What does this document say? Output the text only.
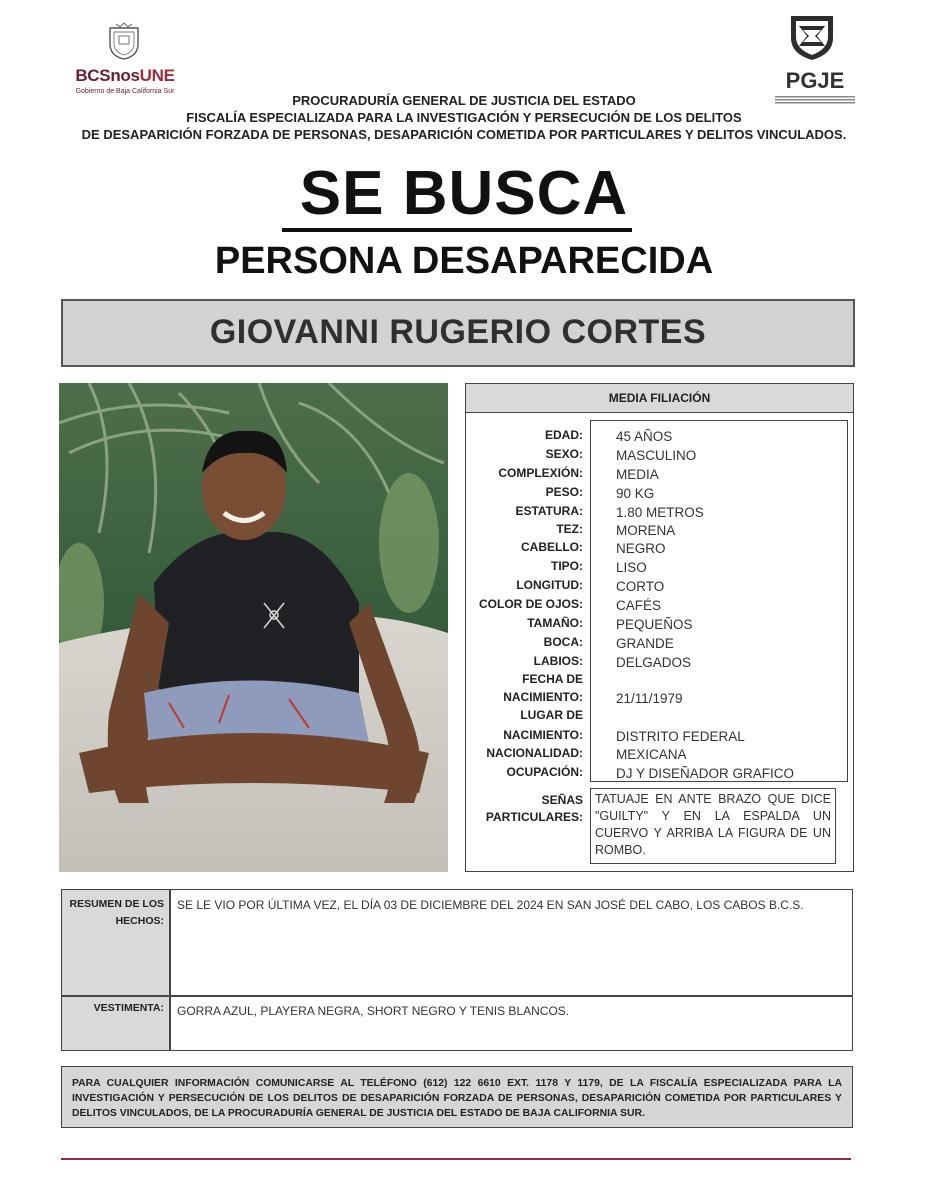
BCSnosUNE
Gobierno de Baja California Sur	PGJE
PROCURADURÍA GENERAL DE JUSTICIA DEL ESTADO
FISCALÍA ESPECIALIZADA PARA LA INVESTIGACIÓN Y PERSECUCIÓN DE LOS DELITOS
DE DESAPARICIÓN FORZADA DE PERSONAS, DESAPARICIÓN COMETIDA POR PARTICULARES Y DELITOS VINCULADOS.
SE BUSCA
PERSONA DESAPARECIDA
GIOVANNI RUGERIO CORTES
MEDIA FILIACIÓN
TATUAJE EN ANTE BRAZO QUE DICE "GUILTY" Y EN LA ESPALDA UN CUERVO Y ARRIBA LA FIGURA DE UN ROMBO.
EDAD: 45 AÑOS
SEXO: MASCULINO
COMPLEXIÓN: MEDIA
PESO: 90 KG
ESTATURA: 1.80 METROS
TEZ: MORENA
CABELLO: NEGRO
TIPO: LISO
LONGITUD: CORTO
COLOR DE OJOS: CAFÉS
TAMAÑO: PEQUEÑOS
BOCA: GRANDE
LABIOS: DELGADOS
FECHA DE
NACIMIENTO: 21/11/1979
LUGAR DE
NACIMIENTO: DISTRITO FEDERAL
NACIONALIDAD: MEXICANA
OCUPACIÓN: DJ Y DISEÑADOR GRAFICO
SEÑAS
PARTICULARES:
RESUMEN DE LOS
HECHOS:
SE LE VIO POR ÚLTIMA VEZ, EL DÍA 03 DE DICIEMBRE DEL 2024 EN SAN JOSÉ DEL CABO, LOS CABOS B.C.S.
VESTIMENTA: GORRA AZUL, PLAYERA NEGRA, SHORT NEGRO Y TENIS BLANCOS.
PARA CUALQUIER INFORMACIÓN COMUNICARSE AL TELÉFONO (612) 122 6610 EXT. 1178 Y 1179, DE LA FISCALÍA ESPECIALIZADA PARA LA INVESTIGACIÓN Y PERSECUCIÓN DE LOS DELITOS DE DESAPARICIÓN FORZADA DE PERSONAS, DESAPARICIÓN COMETIDA POR PARTICULARES Y DELITOS VINCULADOS, DE LA PROCURADURÍA GENERAL DE JUSTICIA DEL ESTADO DE BAJA CALIFORNIA SUR.
